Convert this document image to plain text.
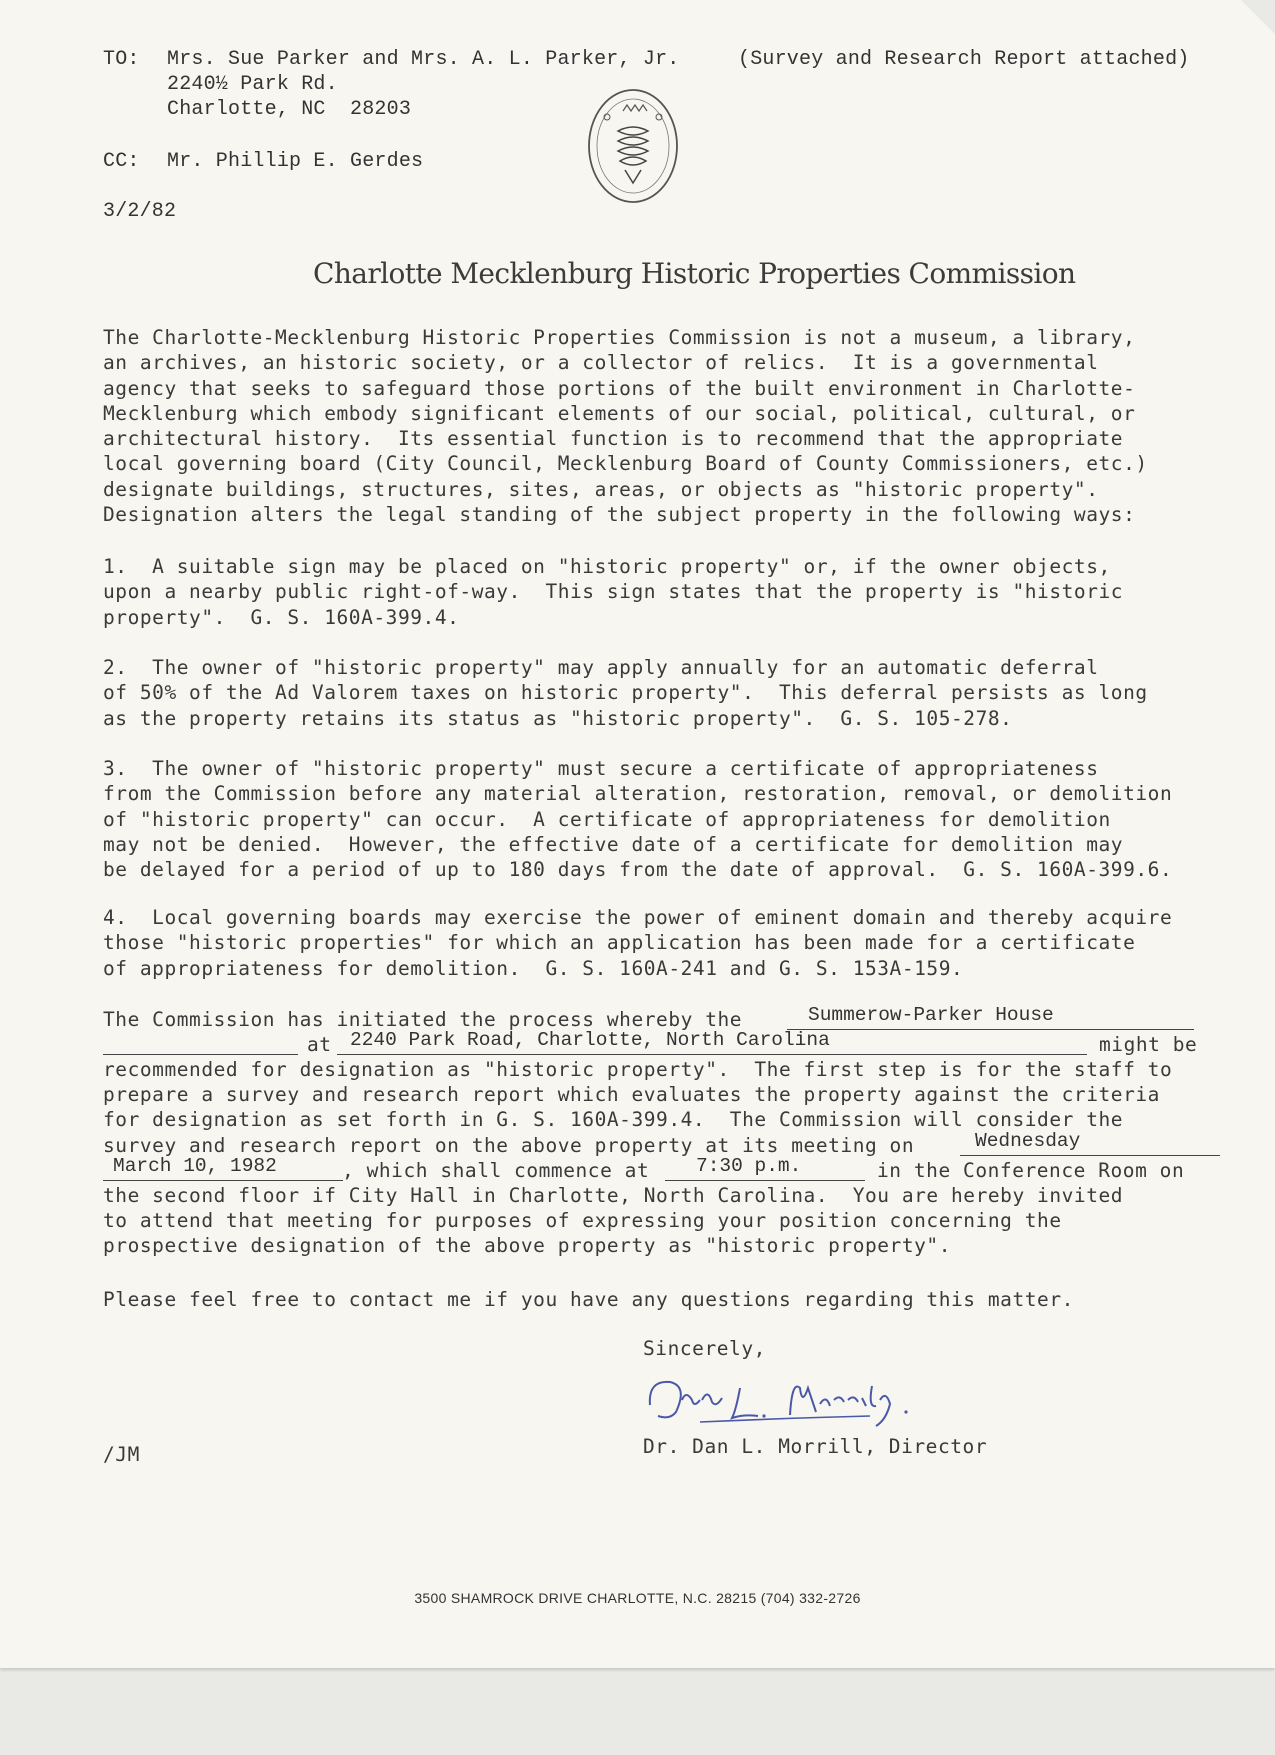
TO: Mrs. Sue Parker and Mrs. A. L. Parker, Jr.	(Survey and Research Report attached)
2240½ Park Rd.
Charlotte, NC  28203
CC: Mr. Phillip E. Gerdes
3/2/82
Charlotte Mecklenburg Historic Properties Commission
The Charlotte-Mecklenburg Historic Properties Commission is not a museum, a library,
an archives, an historic society, or a collector of relics.  It is a governmental
agency that seeks to safeguard those portions of the built environment in Charlotte-
Mecklenburg which embody significant elements of our social, political, cultural, or
architectural history.  Its essential function is to recommend that the appropriate
local governing board (City Council, Mecklenburg Board of County Commissioners, etc.)
designate buildings, structures, sites, areas, or objects as "historic property".
Designation alters the legal standing of the subject property in the following ways:
1.  A suitable sign may be placed on "historic property" or, if the owner objects,
upon a nearby public right-of-way.  This sign states that the property is "historic
property".  G. S. 160A-399.4.
2.  The owner of "historic property" may apply annually for an automatic deferral
of 50% of the Ad Valorem taxes on historic property".  This deferral persists as long
as the property retains its status as "historic property".  G. S. 105-278.
3.  The owner of "historic property" must secure a certificate of appropriateness
from the Commission before any material alteration, restoration, removal, or demolition
of "historic property" can occur.  A certificate of appropriateness for demolition
may not be denied.  However, the effective date of a certificate for demolition may
be delayed for a period of up to 180 days from the date of approval.  G. S. 160A-399.6.
4.  Local governing boards may exercise the power of eminent domain and thereby acquire
those "historic properties" for which an application has been made for a certificate
of appropriateness for demolition.  G. S. 160A-241 and G. S. 153A-159.
The Commission has initiated the process whereby the	Summerow-Parker House
at 2240 Park Road, Charlotte, North Carolina	might be
recommended for designation as "historic property".  The first step is for the staff to
prepare a survey and research report which evaluates the property against the criteria
for designation as set forth in G. S. 160A-399.4.  The Commission will consider the
survey and research report on the above property at its meeting on	Wednesday
March 10, 1982	, which shall commence at 7:30 p.m.	in the Conference Room on
the second floor if City Hall in Charlotte, North Carolina.  You are hereby invited
to attend that meeting for purposes of expressing your position concerning the
prospective designation of the above property as "historic property".
Please feel free to contact me if you have any questions regarding this matter.
Sincerely,
Dr. Dan L. Morrill, Director
/JM
3500 SHAMROCK DRIVE CHARLOTTE, N.C. 28215 (704) 332-2726
